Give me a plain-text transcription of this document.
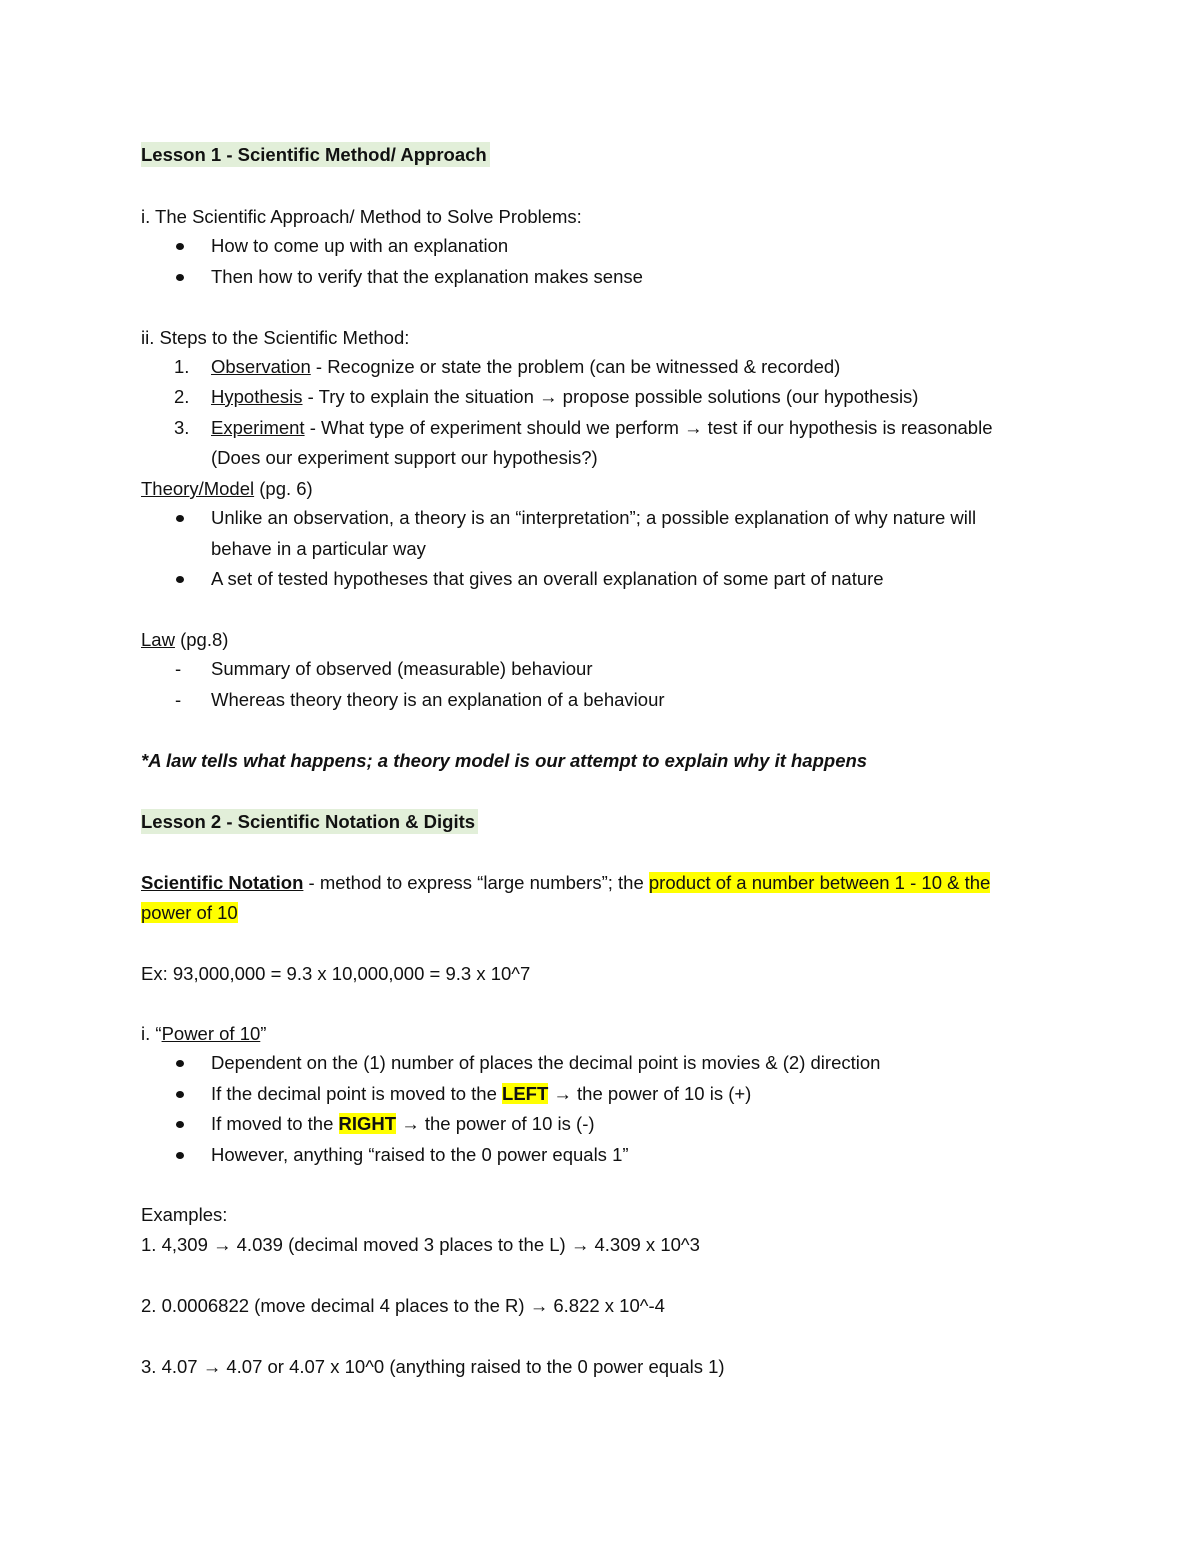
Lesson 1 - Scientific Method/ Approach
i. The Scientific Approach/ Method to Solve Problems:
How to come up with an explanation
Then how to verify that the explanation makes sense
ii. Steps to the Scientific Method:
1. Observation - Recognize or state the problem (can be witnessed & recorded)
2. Hypothesis - Try to explain the situation → propose possible solutions (our hypothesis)
3. Experiment - What type of experiment should we perform → test if our hypothesis is reasonable
(Does our experiment support our hypothesis?)
Theory/Model (pg. 6)
Unlike an observation, a theory is an “interpretation”; a possible explanation of why nature will
behave in a particular way
A set of tested hypotheses that gives an overall explanation of some part of nature
Law (pg.8)
- Summary of observed (measurable) behaviour
- Whereas theory theory is an explanation of a behaviour
*A law tells what happens; a theory model is our attempt to explain why it happens
Lesson 2 - Scientific Notation & Digits
Scientific Notation - method to express “large numbers”; the product of a number between 1 - 10 & the
power of 10
Ex: 93,000,000 = 9.3 x 10,000,000 = 9.3 x 10^7
i. “Power of 10”
Dependent on the (1) number of places the decimal point is movies & (2) direction
If the decimal point is moved to the LEFT → the power of 10 is (+)
If moved to the RIGHT → the power of 10 is (-)
However, anything “raised to the 0 power equals 1”
Examples:
1. 4,309 → 4.039 (decimal moved 3 places to the L) → 4.309 x 10^3
2. 0.0006822 (move decimal 4 places to the R) → 6.822 x 10^-4
3. 4.07 → 4.07 or 4.07 x 10^0 (anything raised to the 0 power equals 1)
